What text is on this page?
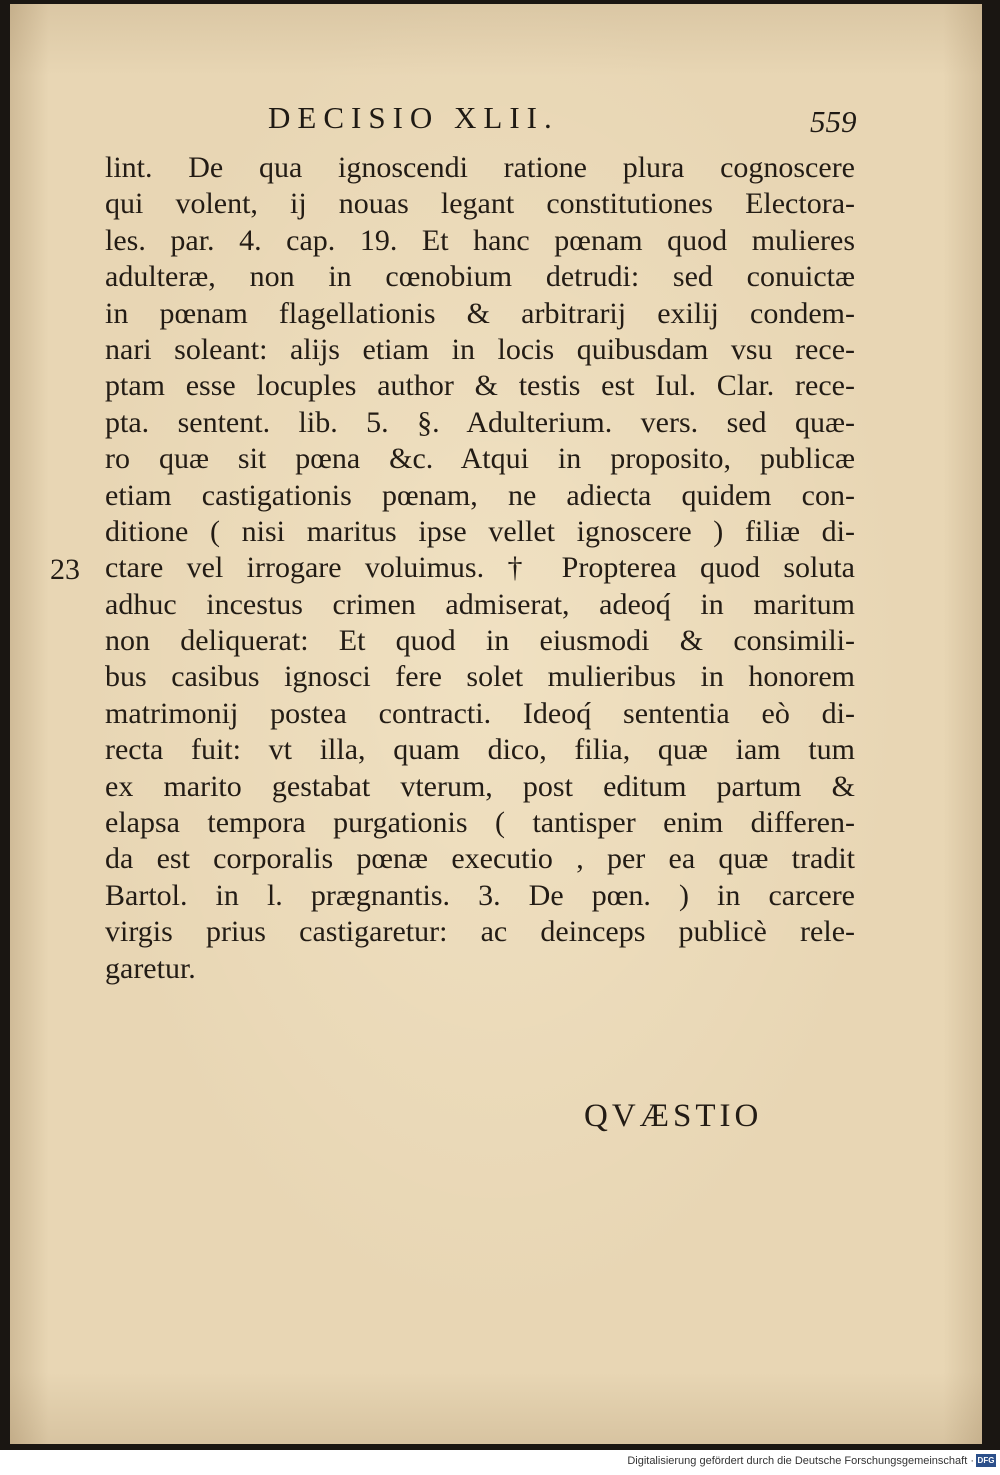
DECISIO XLII.	559
lint. De qua ignoscendi ratione plura cognoscere
qui volent, ij nouas legant constitutiones Electora-
les. par. 4. cap. 19. Et hanc pœnam quod mulieres
adulteræ, non in cœnobium detrudi: sed conuictæ
in pœnam flagellationis & arbitrarij exilij condem-
nari soleant: alijs etiam in locis quibusdam vsu rece-
ptam esse locuples author & testis est Iul. Clar. rece-
pta. sentent. lib. 5. §. Adulterium. vers. sed quæ-
ro quæ sit pœna &c. Atqui in proposito, publicæ
etiam castigationis pœnam, ne adiecta quidem con-
ditione ( nisi maritus ipse vellet ignoscere ) filiæ di-
ctare vel irrogare voluimus. † Propterea quod soluta
adhuc incestus crimen admiserat, adeoq́ in maritum
non deliquerat: Et quod in eiusmodi & consimili-
bus casibus ignosci fere solet mulieribus in honorem
matrimonij postea contracti. Ideoq́ sententia eò di-
recta fuit: vt illa, quam dico, filia, quæ iam tum
ex marito gestabat vterum, post editum partum &
elapsa tempora purgationis ( tantisper enim differen-
da est corporalis pœnæ executio , per ea quæ tradit
Bartol. in l. prægnantis. 3. De pœn. ) in carcere
virgis prius castigaretur: ac deinceps publicè rele-
garetur.
23
QVÆSTIO
Digitalisierung gefördert durch die Deutsche Forschungsgemeinschaft · DFG
